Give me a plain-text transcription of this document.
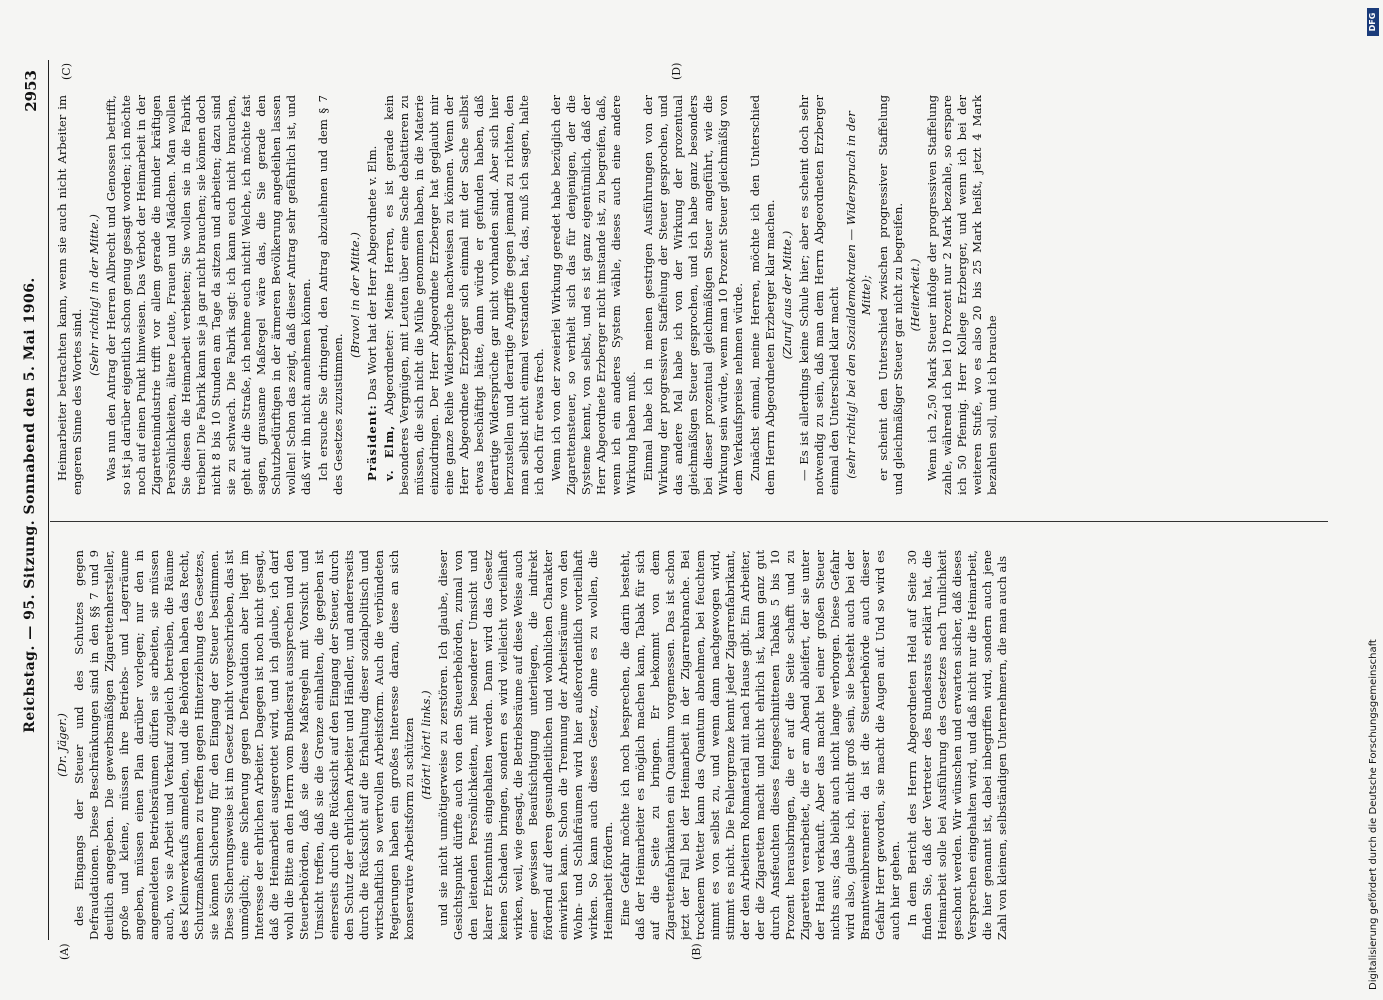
Reichstag. — 95. Sitzung. Sonnabend den 5. Mai 1906.
2953
(A)	(B)
(C)	(D)

(Dr. Jäger.) des Eingangs der Steuer und des Schutzes gegen Defraudationen. Diese Beschränkungen sind in den §§ 7 und 9 deutlich angegeben. Die gewerbsmäßigen Zigarettenhersteller, große und kleine, müssen ihre Betriebs- und Lagerräume angeben, müssen einen Plan darüber vorlegen; nur den in angemeldeten Betriebsräumen dürfen sie arbeiten, sie müssen auch, wo sie Arbeit und Verkauf zugleich betreiben, die Räume des Kleinverkaufs anmelden, und die Behörden haben das Recht, Schutzmaßnahmen zu treffen gegen Hinterziehung des Gesetzes, sie können Sicherung für den Eingang der Steuer bestimmen. Diese Sicherungsweise ist im Gesetz nicht vorgeschrieben, das ist unmöglich; eine Sicherung gegen Defraudation aber liegt im Interesse der ehrlichen Arbeiter. Dagegen ist noch nicht gesagt, daß die Heimarbeit ausgerottet wird, und ich glaube, ich darf wohl die Bitte an den Herrn vom Bundesrat aussprechen und den Steuerbehörden, daß sie diese Maßregeln mit Vorsicht und Umsicht treffen, daß sie die Grenze einhalten, die gegeben ist einerseits durch die Rücksicht auf den Eingang der Steuer, durch den Schutz der ehrlichen Arbeiter und Händler, und andererseits durch die Rücksicht auf die Erhaltung dieser sozialpolitisch und wirtschaftlich so wertvollen Arbeitsform. Auch die verbündeten Regierungen haben ein großes Interesse daran, diese an sich konservative Arbeitsform zu schützen (Hört! hört! links.) und sie nicht unnötigerweise zu zerstören. Ich glaube, dieser Gesichtspunkt dürfte auch von den Steuerbehörden, zumal von den leitenden Persönlichkeiten, mit besonderer Umsicht und klarer Erkenntnis eingehalten werden. Dann wird das Gesetz keinen Schaden bringen, sondern es wird vielleicht vorteilhaft wirken, weil, wie gesagt, die Betriebsräume auf diese Weise auch einer gewissen Beaufsichtigung unterliegen, die indirekt fördernd auf deren gesundheitlichen und wohnlichen Charakter einwirken kann. Schon die Trennung der Arbeitsräume von den Wohn- und Schlafräumen wird hier außerordentlich vorteilhaft wirken. So kann auch dieses Gesetz, ohne es zu wollen, die Heimarbeit fördern. Eine Gefahr möchte ich noch besprechen, die darin besteht, daß der Heimarbeiter es möglich machen kann, Tabak für sich auf die Seite zu bringen. Er bekommt von dem Zigarettenfabrikanten ein Quantum vorgemessen. Das ist schon jetzt der Fall bei der Heimarbeit in der Zigarrenbranche. Bei trockenem Wetter kann das Quantum abnehmen, bei feuchtem nimmt es von selbst zu, und wenn dann nachgewogen wird, stimmt es nicht. Die Fehlergrenze kennt jeder Zigarrenfabrikant, der den Arbeitern Rohmaterial mit nach Hause gibt. Ein Arbeiter, der die Zigaretten macht und nicht ehrlich ist, kann ganz gut durch Ansfeuchten dieses feingeschnittenen Tabaks 5 bis 10 Prozent herausbringen, die er auf die Seite schafft und zu Zigaretten verarbeitet, die er am Abend ableifert, der sie unter der Hand verkauft. Aber das macht bei einer großen Steuer nichts aus; das bleibt auch nicht lange verborgen. Diese Gefahr wird also, glaube ich, nicht groß sein, sie besteht auch bei der Branntweinbrennerei: da ist die Steuerbehörde auch dieser Gefahr Herr geworden, sie macht die Augen auf. Und so wird es auch hier gehen. In dem Bericht des Herrn Abgeordneten Held auf Seite 30 finden Sie, daß der Vertreter des Bundesrats erklärt hat, die Heimarbeit solle bei Ausführung des Gesetzes nach Tunlichkeit geschont werden. Wir wünschen und erwarten sicher, daß dieses Versprechen eingehalten wird, und daß nicht nur die Heimarbeit, die hier genannt ist, dabei inbegriffen wird, sondern auch jene Zahl von kleinen, selbständigen Unternehmern, die man auch als

Heimarbeiter betrachten kann, wenn sie auch nicht Arbeiter im engeren Sinne des Wortes sind.

(Sehr richtig! in der Mitte.) Was nun den Antrag der Herren Albrecht und Genossen betrifft, so ist ja darüber eigentlich schon genug gesagt worden; ich möchte noch auf einen Punkt hinweisen. Das Verbot der Heimarbeit in der Zigarettenindustrie trifft vor allem gerade die minder kräftigen Persönlichkeiten, ältere Leute, Frauen und Mädchen. Man wollen Sie diesen die Heimarbeit verbieten; Sie wollen sie in die Fabrik treiben! Die Fabrik kann sie ja gar nicht brauchen; sie können doch nicht 8 bis 10 Stunden am Tage da sitzen und arbeiten; dazu sind sie zu schwach. Die Fabrik sagt: ich kann euch nicht brauchen, geht auf die Straße, ich nehme euch nicht! Welche, ich möchte fast sagen, grausame Maßregel wäre das, die Sie gerade den Schutzbedürftigen in der ärmeren Bevölkerung angedeihen lassen wollen! Schon das zeigt, daß dieser Antrag sehr gefährlich ist, und daß wir ihn nicht annehmen können. Ich ersuche Sie dringend, den Antrag abzulehnen und dem § 7 des Gesetzes zuzustimmen.

(Bravo! in der Mitte.)

Präsident: Das Wort hat der Herr Abgeordnete v. Elm.

v. Elm, Abgeordneter: Meine Herren, es ist gerade kein besonderes Vergnügen, mit Leuten über eine Sache debattieren zu müssen, die sich nicht die Mühe genommen haben, in die Materie einzudringen. Der Herr Abgeordnete Erzberger hat geglaubt mir eine ganze Reihe Widersprüche nachweisen zu können. Wenn der Herr Abgeordnete Erzberger sich einmal mit der Sache selbst etwas beschäftigt hätte, dann würde er gefunden haben, daß derartige Widersprüche gar nicht vorhanden sind. Aber sich hier herzustellen und derartige Angriffe gegen jemand zu richten, den man selbst nicht einmal verstanden hat, das, muß ich sagen, halte ich doch für etwas frech. Wenn ich von der zweierlei Wirkung geredet habe bezüglich der Zigarettensteuer, so verhielt sich das für denjenigen, der die Systeme kennt, von selbst, und es ist ganz eigentümlich, daß der Herr Abgeordnete Erzberger nicht imstande ist, zu begreifen, daß, wenn ich ein anderes System wähle, dieses auch eine andere Wirkung haben muß. Einmal habe ich in meinen gestrigen Ausführungen von der Wirkung der progressiven Staffelung der Steuer gesprochen, und das andere Mal habe ich von der Wirkung der prozentual gleichmäßigen Steuer gesprochen, und ich habe ganz besonders bei dieser prozentual gleichmäßigen Steuer angeführt, wie die Wirkung sein würde, wenn man 10 Prozent Steuer gleichmäßig von dem Verkaufspreise nehmen würde. Zunächst einmal, meine Herren, möchte ich den Unterschied dem Herrn Abgeordneten Erzberger klar machen. (Zuruf aus der Mitte.) — Es ist allerdings keine Schule hier; aber es scheint doch sehr notwendig zu sein, daß man dem Herrn Abgeordneten Erzberger einmal den Unterschied klar macht (sehr richtig! bei den Sozialdemokraten — Widerspruch in der Mitte); er scheint den Unterschied zwischen progressiver Staffelung und gleichmäßiger Steuer gar nicht zu begreifen. (Heiterkeit.) Wenn ich 2,50 Mark Steuer infolge der progressiven Staffelung zahle, während ich bei 10 Prozent nur 2 Mark bezahle, so erspare ich 50 Pfennig. Herr Kollege Erzberger, und wenn ich bei der weiteren Stufe, wo es also 20 bis 25 Mark heißt, jetzt 4 Mark bezahlen soll, und ich brauche

Digitalisierung gefördert durch die Deutsche Forschungsgemeinschaft
DFG
